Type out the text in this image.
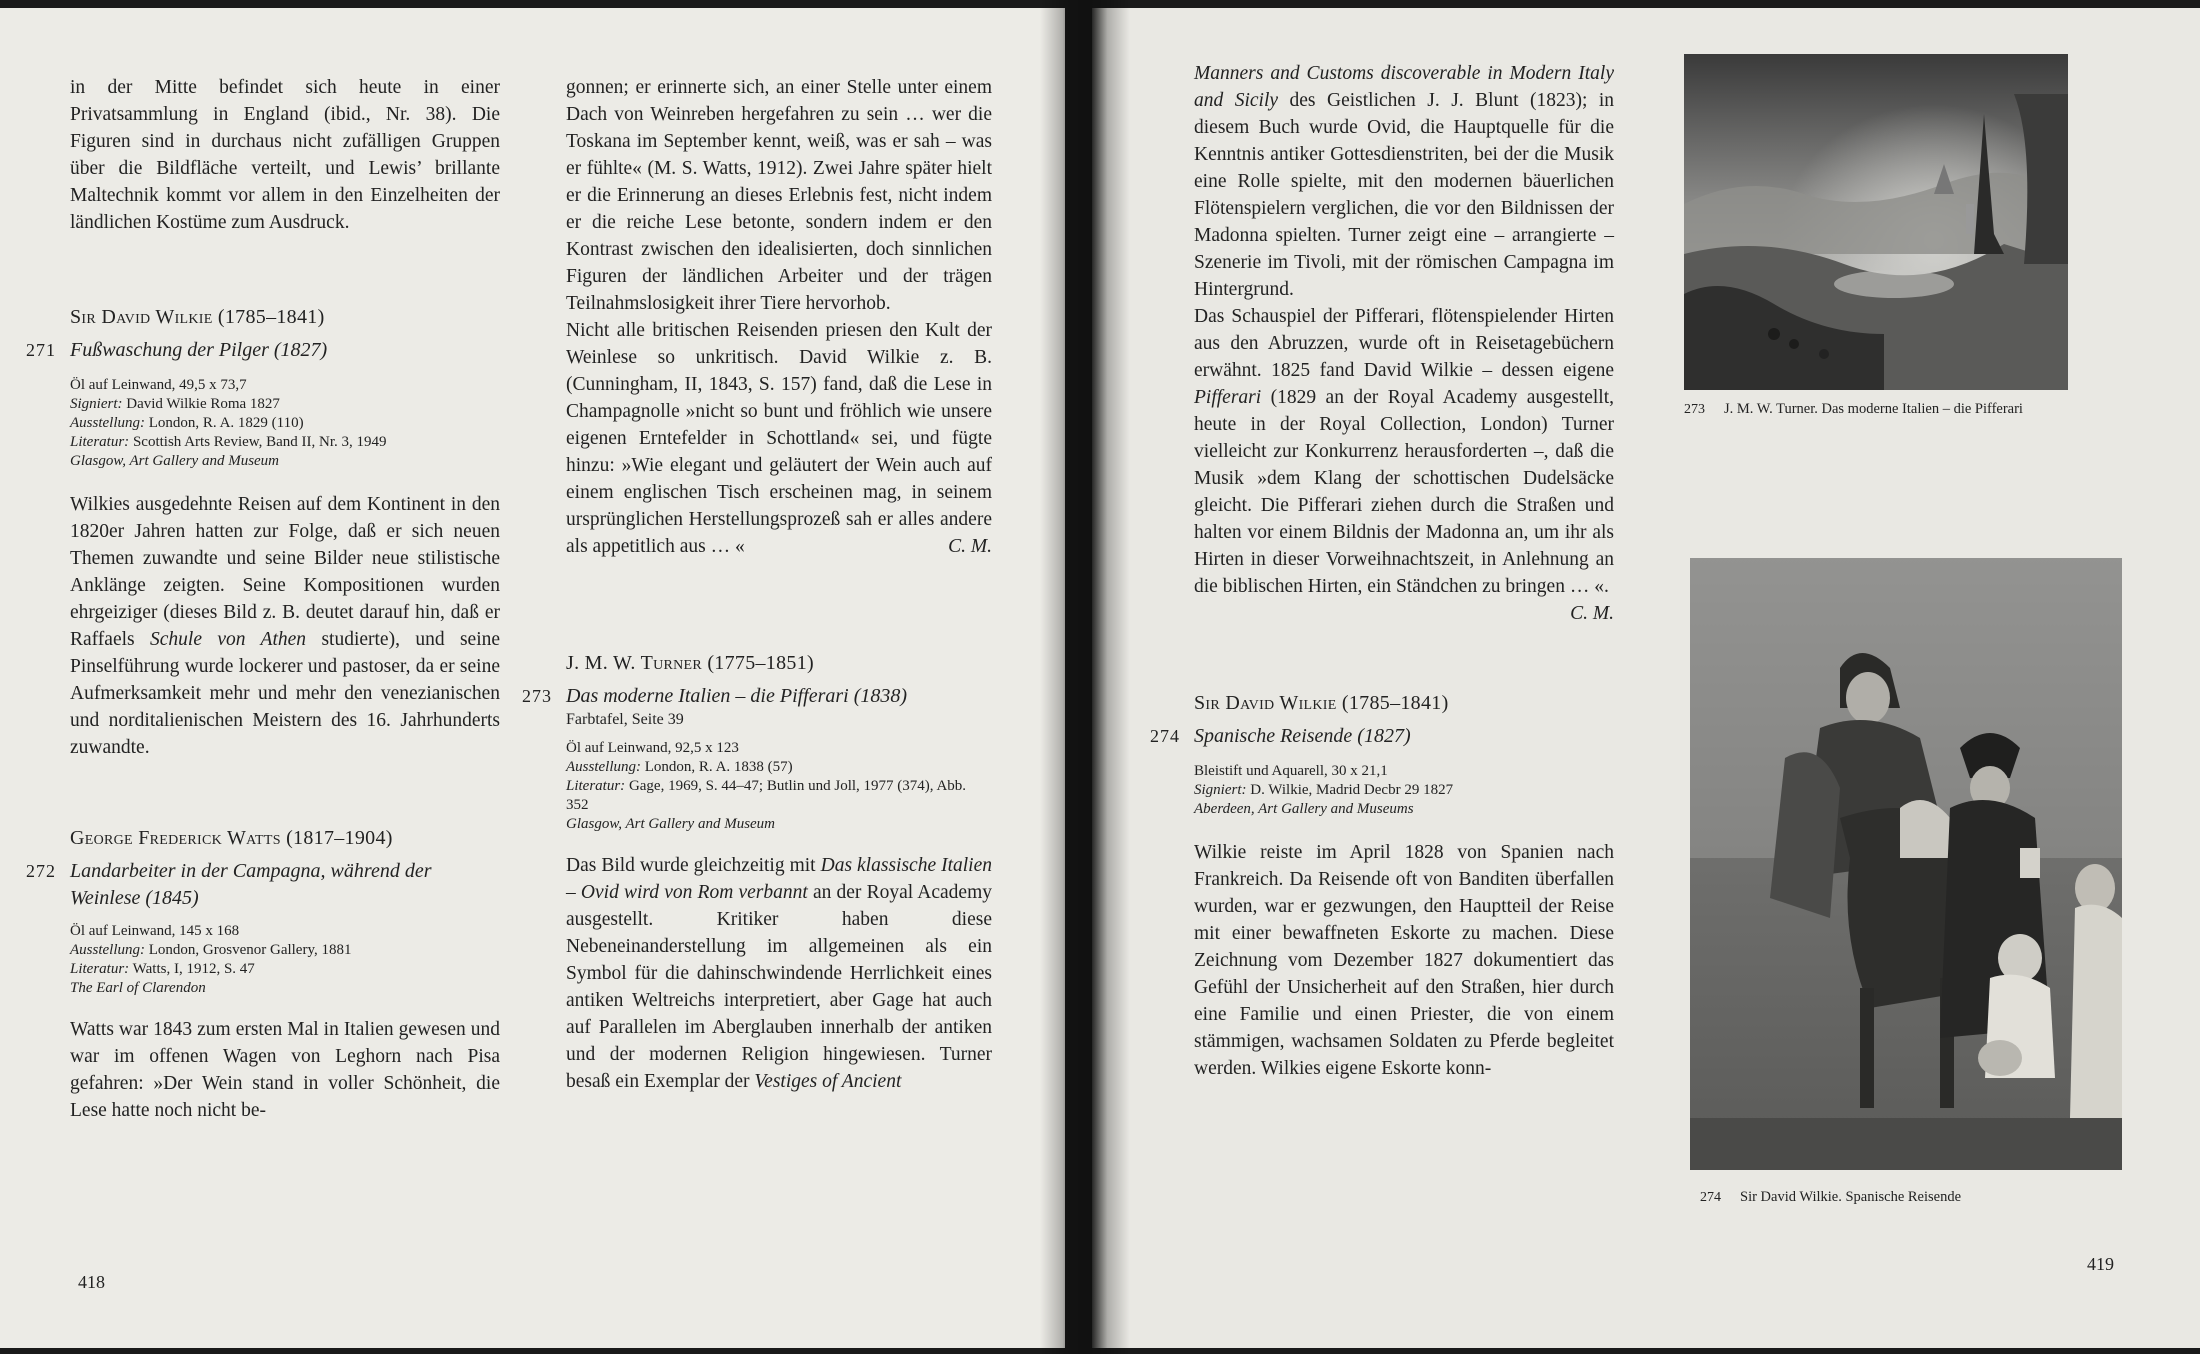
in der Mitte befindet sich heute in einer Privatsammlung in England (ibid., Nr. 38). Die Figuren sind in durchaus nicht zufälligen Gruppen über die Bildfläche verteilt, und Lewis’ brillante Maltechnik kommt vor allem in den Einzelheiten der ländlichen Kostüme zum Ausdruck.

Sir David Wilkie (1785–1841)

271 Fußwaschung der Pilger (1827)

Öl auf Leinwand, 49,5 x 73,7

Signiert: David Wilkie Roma 1827

Ausstellung: London, R. A. 1829 (110)

Literatur: Scottish Arts Review, Band II, Nr. 3, 1949

Glasgow, Art Gallery and Museum

Wilkies ausgedehnte Reisen auf dem Kontinent in den 1820er Jahren hatten zur Folge, daß er sich neuen Themen zuwandte und seine Bilder neue stilistische Anklänge zeigten. Seine Kompositionen wurden ehrgeiziger (dieses Bild z. B. deutet darauf hin, daß er Raffaels Schule von Athen studierte), und seine Pinselführung wurde lockerer und pastoser, da er seine Aufmerksamkeit mehr und mehr den venezianischen und norditalienischen Meistern des 16. Jahrhunderts zuwandte.

George Frederick Watts (1817–1904)

272 Landarbeiter in der Campagna, während der Weinlese (1845)

Öl auf Leinwand, 145 x 168

Ausstellung: London, Grosvenor Gallery, 1881

Literatur: Watts, I, 1912, S. 47

The Earl of Clarendon

Watts war 1843 zum ersten Mal in Italien gewesen und war im offenen Wagen von Leghorn nach Pisa gefahren: »Der Wein stand in voller Schönheit, die Lese hatte noch nicht be-

gonnen; er erinnerte sich, an einer Stelle unter einem Dach von Weinreben hergefahren zu sein … wer die Toskana im September kennt, weiß, was er sah – was er fühlte« (M. S. Watts, 1912). Zwei Jahre später hielt er die Erinnerung an dieses Erlebnis fest, nicht indem er die reiche Lese betonte, sondern indem er den Kontrast zwischen den idealisierten, doch sinnlichen Figuren der ländlichen Arbeiter und der trägen Teilnahmslosigkeit ihrer Tiere hervorhob.

Nicht alle britischen Reisenden priesen den Kult der Weinlese so unkritisch. David Wilkie z. B. (Cunningham, II, 1843, S. 157) fand, daß die Lese in Champagnolle »nicht so bunt und fröhlich wie unsere eigenen Erntefelder in Schottland« sei, und fügte hinzu: »Wie elegant und geläutert der Wein auch auf einem englischen Tisch erscheinen mag, in seinem ursprünglichen Herstellungsprozeß sah er alles andere als appetitlich aus … «	C. M.

J. M. W. Turner (1775–1851)

273 Das moderne Italien – die Pifferari (1838)

Farbtafel, Seite 39

Öl auf Leinwand, 92,5 x 123

Ausstellung: London, R. A. 1838 (57)

Literatur: Gage, 1969, S. 44–47; Butlin und Joll, 1977 (374), Abb. 352

Glasgow, Art Gallery and Museum

Das Bild wurde gleichzeitig mit Das klassische Italien – Ovid wird von Rom verbannt an der Royal Academy ausgestellt. Kritiker haben diese Nebeneinanderstellung im allgemeinen als ein Symbol für die dahinschwindende Herrlichkeit eines antiken Weltreichs interpretiert, aber Gage hat auch auf Parallelen im Aberglauben innerhalb der antiken und der modernen Religion hingewiesen. Turner besaß ein Exemplar der Vestiges of Ancient

418

Manners and Customs discoverable in Modern Italy and Sicily des Geistlichen J. J. Blunt (1823); in diesem Buch wurde Ovid, die Hauptquelle für die Kenntnis antiker Gottesdienstriten, bei der die Musik eine Rolle spielte, mit den modernen bäuerlichen Flötenspielern verglichen, die vor den Bildnissen der Madonna spielten. Turner zeigt eine – arrangierte – Szenerie im Tivoli, mit der römischen Campagna im Hintergrund.

Das Schauspiel der Pifferari, flötenspielender Hirten aus den Abruzzen, wurde oft in Reisetagebüchern erwähnt. 1825 fand David Wilkie – dessen eigene Pifferari (1829 an der Royal Academy ausgestellt, heute in der Royal Collection, London) Turner vielleicht zur Konkurrenz herausforderten –, daß die Musik »dem Klang der schottischen Dudelsäcke gleicht. Die Pifferari ziehen durch die Straßen und halten vor einem Bildnis der Madonna an, um ihr als Hirten in dieser Vorweihnachtszeit, in Anlehnung an die biblischen Hirten, ein Ständchen zu bringen … «.
C. M.

Sir David Wilkie (1785–1841)

274 Spanische Reisende (1827)

Bleistift und Aquarell, 30 x 21,1

Signiert: D. Wilkie, Madrid Decbr 29 1827

Aberdeen, Art Gallery and Museums

Wilkie reiste im April 1828 von Spanien nach Frankreich. Da Reisende oft von Banditen überfallen wurden, war er gezwungen, den Hauptteil der Reise mit einer bewaffneten Eskorte zu machen. Diese Zeichnung vom Dezember 1827 dokumentiert das Gefühl der Unsicherheit auf den Straßen, hier durch eine Familie und einen Priester, die von einem stämmigen, wachsamen Soldaten zu Pferde begleitet werden. Wilkies eigene Eskorte konn-

273 J. M. W. Turner. Das moderne Italien – die Pifferari
274 Sir David Wilkie. Spanische Reisende
419
